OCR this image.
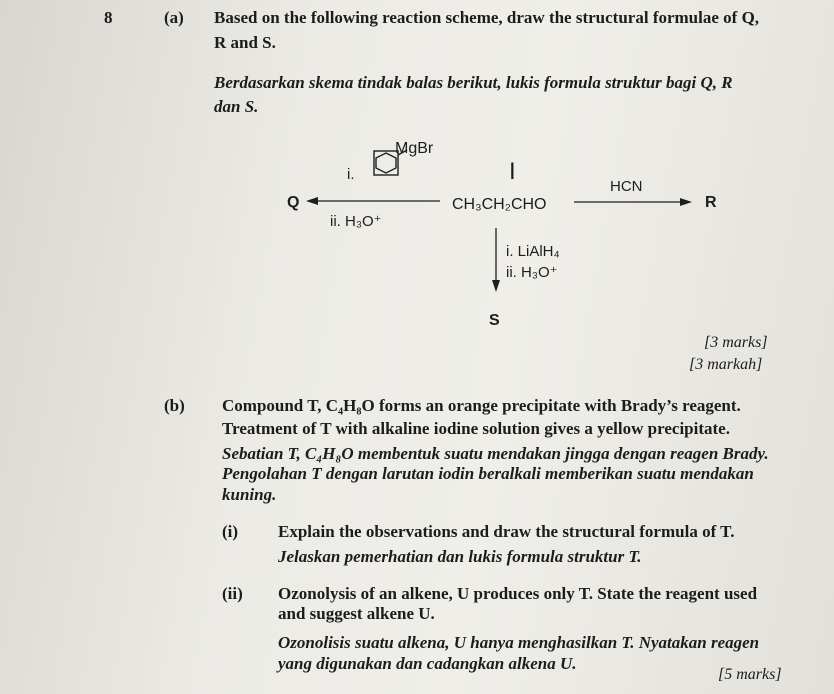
8	(a) Based on the following reaction scheme, draw the structural formulae of Q,
R and S.
Berdasarkan skema tindak balas berikut, lukis formula struktur bagi Q, R
dan S.
MgBr
i.
Q
ii. H₃O⁺
I
CH₃CH₂CHO
HCN
R
i. LiAlH₄
ii. H₃O⁺
S
[3 marks]
[3 markah]
(b) Compound T, C₄H₈O forms an orange precipitate with Brady’s reagent.
Treatment of T with alkaline iodine solution gives a yellow precipitate.
Sebatian T, C₄H₈O membentuk suatu mendakan jingga dengan reagen Brady.
Pengolahan T dengan larutan iodin beralkali memberikan suatu mendakan
kuning.
(i) Explain the observations and draw the structural formula of T.
Jelaskan pemerhatian dan lukis formula struktur T.
(ii) Ozonolysis of an alkene, U produces only T. State the reagent used
and suggest alkene U.
Ozonolisis suatu alkena, U hanya menghasilkan T. Nyatakan reagen
yang digunakan dan cadangkan alkena U.
[5 marks]
